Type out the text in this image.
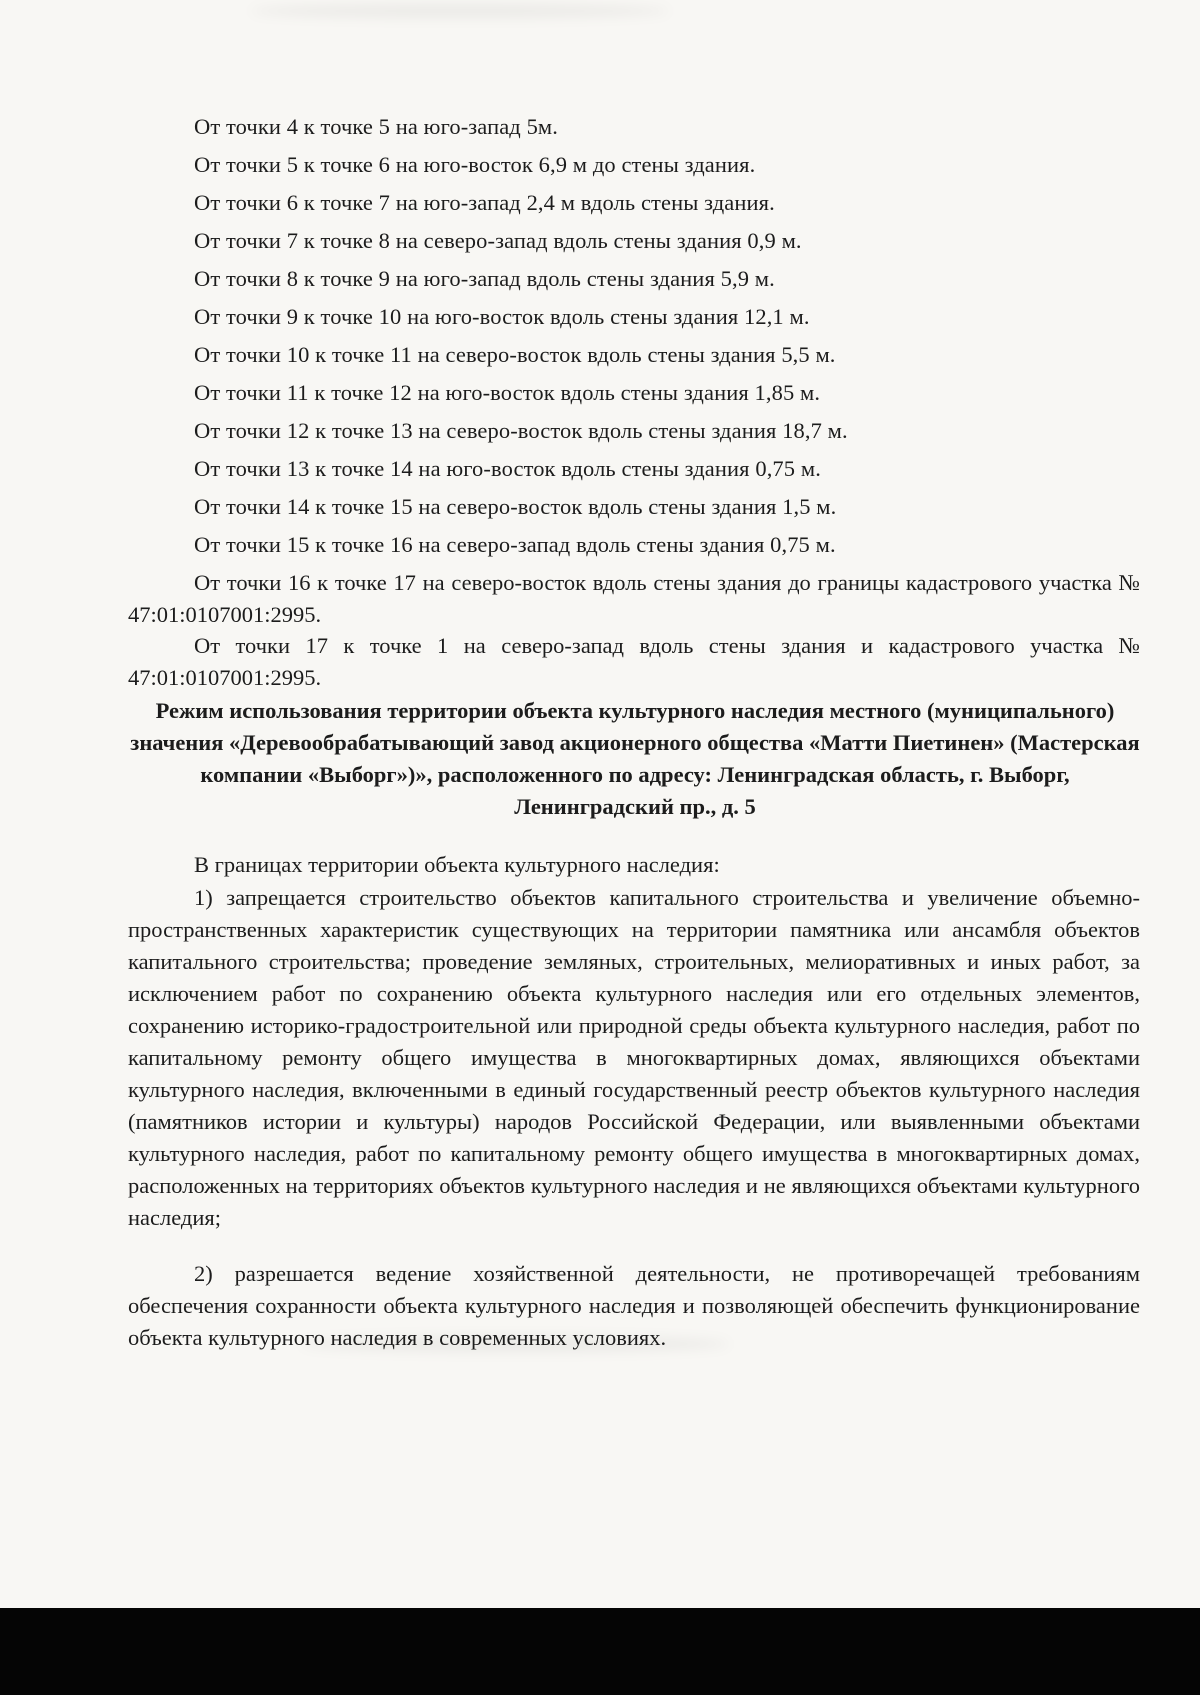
От точки 4 к точке 5 на юго-запад 5м.
От точки 5 к точке 6 на юго-восток 6,9 м до стены здания.
От точки 6 к точке 7 на юго-запад 2,4 м вдоль стены здания.
От точки 7 к точке 8 на северо-запад вдоль стены здания 0,9 м.
От точки 8 к точке 9 на юго-запад вдоль стены здания 5,9 м.
От точки 9 к точке 10 на юго-восток вдоль стены здания 12,1 м.
От точки 10 к точке 11 на северо-восток вдоль стены здания 5,5 м.
От точки 11 к точке 12 на юго-восток вдоль стены здания 1,85 м.
От точки 12 к точке 13 на северо-восток вдоль стены здания 18,7 м.
От точки 13 к точке 14 на юго-восток вдоль стены здания 0,75 м.
От точки 14 к точке 15 на северо-восток вдоль стены здания 1,5 м.
От точки 15 к точке 16 на северо-запад вдоль стены здания 0,75 м.
От точки 16 к точке 17 на северо-восток вдоль стены здания до границы кадастрового участка № 47:01:0107001:2995.
От точки 17 к точке 1 на северо-запад вдоль стены здания и кадастрового участка № 47:01:0107001:2995.
Режим использования территории объекта культурного наследия местного (муниципального) значения «Деревообрабатывающий завод акционерного общества «Матти Пиетинен» (Мастерская компании «Выборг»)», расположенного по адресу: Ленинградская область, г. Выборг, Ленинградский пр., д. 5
В границах территории объекта культурного наследия:
1) запрещается строительство объектов капитального строительства и увеличение объемно-пространственных характеристик существующих на территории памятника или ансамбля объектов капитального строительства; проведение земляных, строительных, мелиоративных и иных работ, за исключением работ по сохранению объекта культурного наследия или его отдельных элементов, сохранению историко-градостроительной или природной среды объекта культурного наследия, работ по капитальному ремонту общего имущества в многоквартирных домах, являющихся объектами культурного наследия, включенными в единый государственный реестр объектов культурного наследия (памятников истории и культуры) народов Российской Федерации, или выявленными объектами культурного наследия, работ по капитальному ремонту общего имущества в многоквартирных домах, расположенных на территориях объектов культурного наследия и не являющихся объектами культурного наследия;
2) разрешается ведение хозяйственной деятельности, не противоречащей требованиям обеспечения сохранности объекта культурного наследия и позволяющей обеспечить функционирование объекта культурного наследия в современных условиях.
